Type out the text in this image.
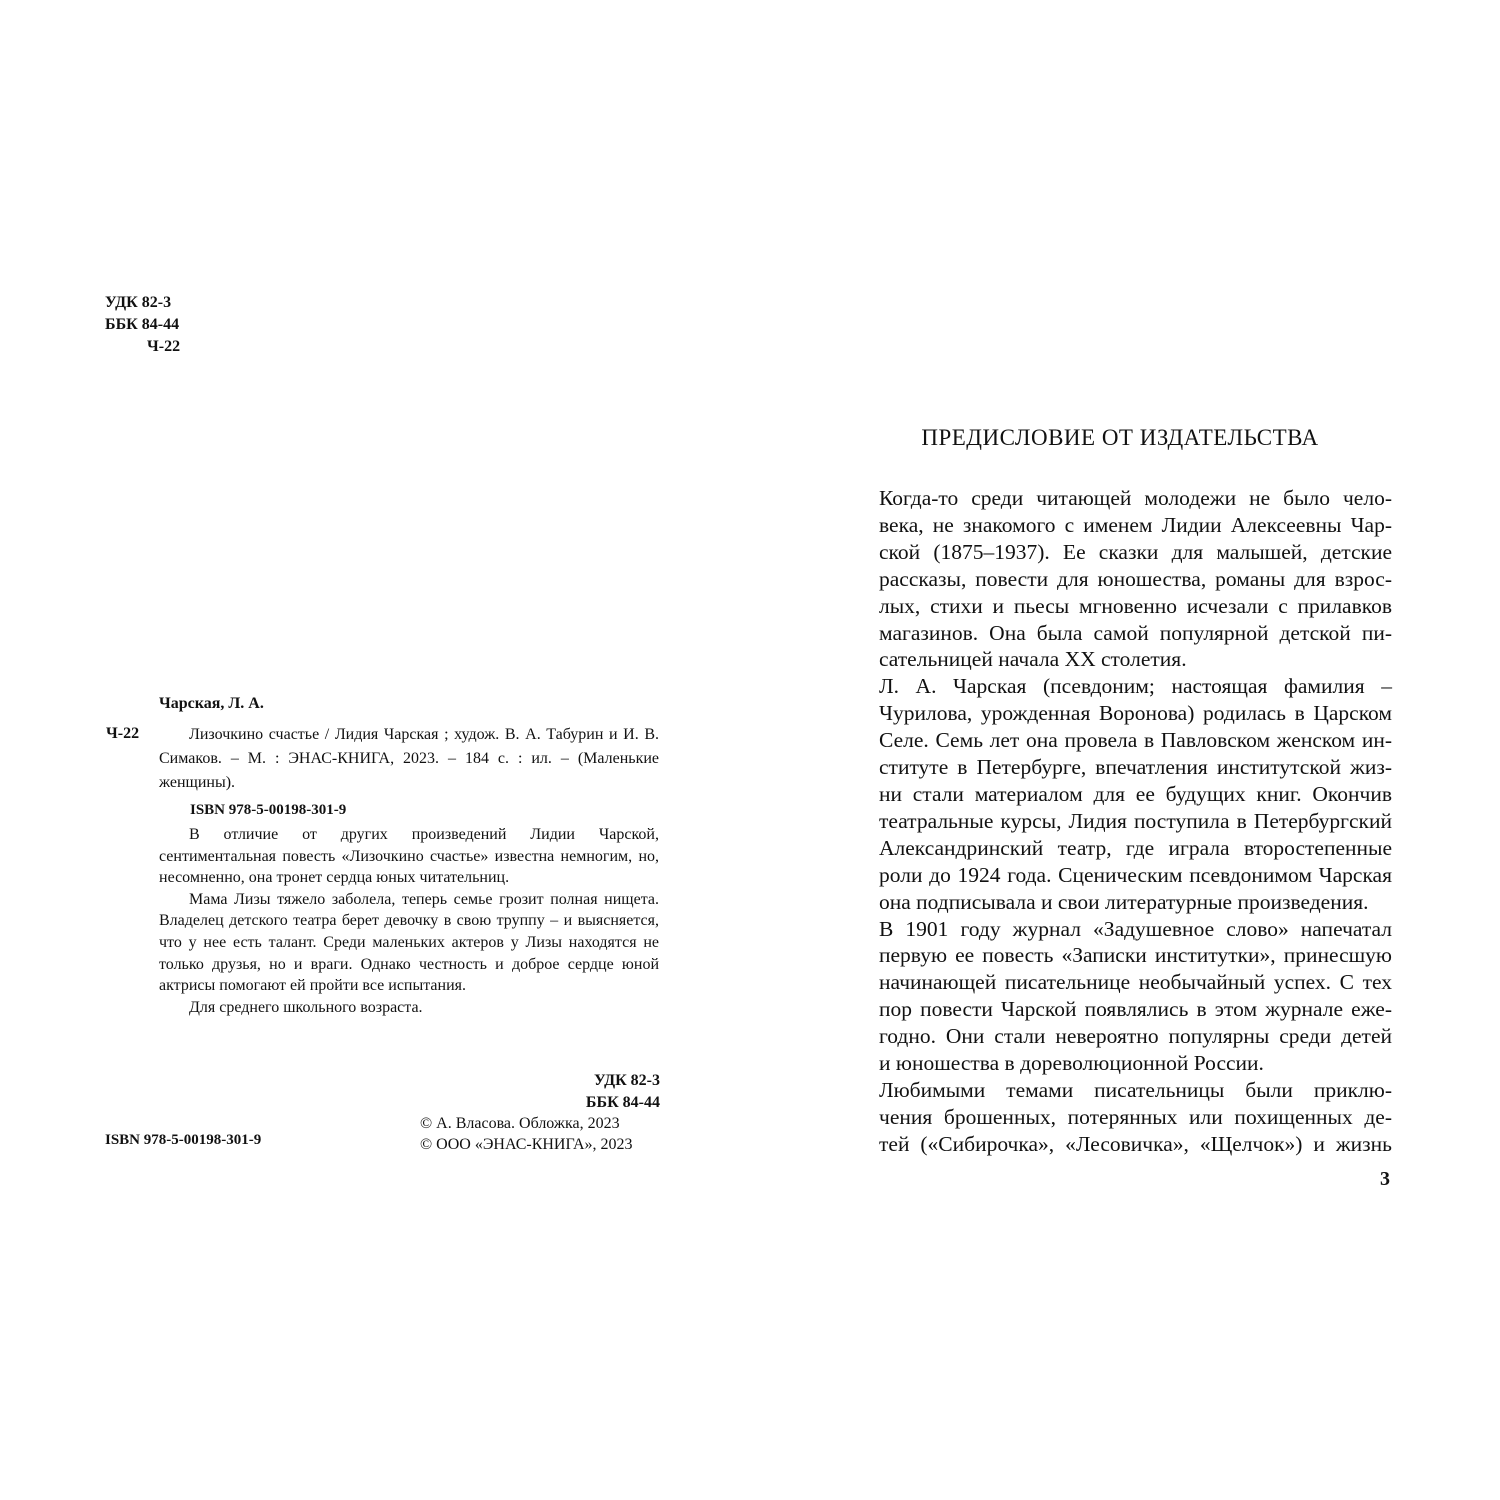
УДК 82-3
ББК 84-44
Ч-22
Чарская, Л. А.
Ч-22	Лизочкино счастье / Лидия Чарская ; худож. В. А. Табурин и И. В. Симаков. – М. : ЭНАС-КНИГА, 2023. – 184 с. : ил. – (Маленькие женщины).
ISBN 978-5-00198-301-9

В отличие от других произведений Лидии Чарской, сентиментальная повесть «Лизочкино счастье» известна немногим, но, несомненно, она тронет сердца юных читательниц.

Мама Лизы тяжело заболела, теперь семье грозит полная нищета. Владелец детского театра берет девочку в свою труппу – и выясняется, что у нее есть талант. Среди маленьких актеров у Лизы находятся не только друзья, но и враги. Однако честность и доброе сердце юной актрисы помогают ей пройти все испытания.

Для среднего школьного возраста.

УДК 82-3
ББК 84-44
ISBN 978-5-00198-301-9
© А. Власова. Обложка, 2023
© ООО «ЭНАС-КНИГА», 2023
ПРЕДИСЛОВИЕ ОТ ИЗДАТЕЛЬСТВА

Когда-то среди читающей молодежи не было чело-
века, не знакомого с именем Лидии Алексеевны Чар-
ской (1875–1937). Ее сказки для малышей, детские
рассказы, повести для юношества, романы для взрос-
лых, стихи и пьесы мгновенно исчезали с прилавков
магазинов. Она была самой популярной детской пи-
сательницей начала XX столетия.

Л. А. Чарская (псевдоним; настоящая фамилия –
Чурилова, урожденная Воронова) родилась в Царском
Селе. Семь лет она провела в Павловском женском ин-
ституте в Петербурге, впечатления институтской жиз-
ни стали материалом для ее будущих книг. Окончив
театральные курсы, Лидия поступила в Петербургский
Александринский театр, где играла второстепенные
роли до 1924 года. Сценическим псевдонимом Чарская
она подписывала и свои литературные произведения.

В 1901 году журнал «Задушевное слово» напечатал
первую ее повесть «Записки институтки», принесшую
начинающей писательнице необычайный успех. С тех
пор повести Чарской появлялись в этом журнале еже-
годно. Они стали невероятно популярны среди детей
и юношества в дореволюционной России.

Любимыми темами писательницы были приклю-
чения брошенных, потерянных или похищенных де-
тей («Сибирочка», «Лесовичка», «Щелчок») и жизнь

3
